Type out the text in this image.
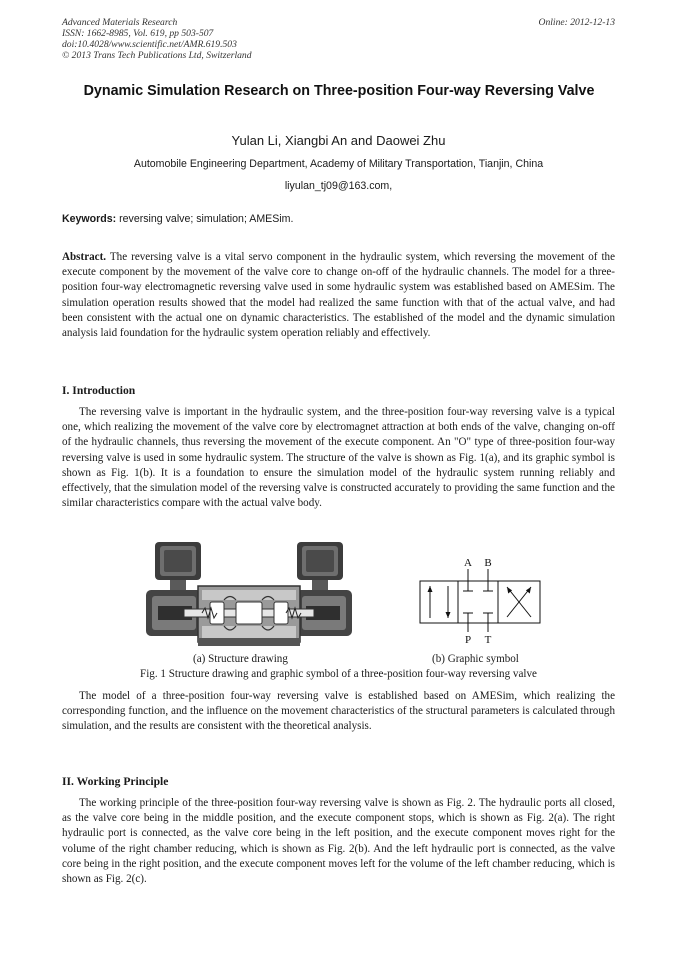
Advanced Materials Research
ISSN: 1662-8985, Vol. 619, pp 503-507
doi:10.4028/www.scientific.net/AMR.619.503
© 2013 Trans Tech Publications Ltd, Switzerland
Online: 2012-12-13
Dynamic Simulation Research on Three-position Four-way Reversing Valve
Yulan Li, Xiangbi An and Daowei Zhu
Automobile Engineering Department, Academy of Military Transportation, Tianjin, China
liyulan_tj09@163.com,
Keywords: reversing valve; simulation; AMESim.
Abstract. The reversing valve is a vital servo component in the hydraulic system, which reversing the movement of the execute component by the movement of the valve core to change on-off of the hydraulic channels. The model for a three-position four-way electromagnetic reversing valve used in some hydraulic system was established based on AMESim. The simulation operation results showed that the model had realized the same function with that of the actual valve, and had been consistent with the actual one on dynamic characteristics. The established of the model and the dynamic simulation analysis laid foundation for the hydraulic system operation reliably and effectively.
I. Introduction
The reversing valve is important in the hydraulic system, and the three-position four-way reversing valve is a typical one, which realizing the movement of the valve core by electromagnet attraction at both ends of the valve, changing on-off of the hydraulic channels, thus reversing the movement of the execute component. An "O" type of three-position four-way reversing valve is used in some hydraulic system. The structure of the valve is shown as Fig. 1(a), and its graphic symbol is shown as Fig. 1(b). It is a foundation to ensure the simulation model of the hydraulic system running reliably and effectively, that the simulation model of the reversing valve is constructed accurately to providing the same function and the similar characteristics compare with the actual valve body.
A B
P T
(a) Structure drawing	(b) Graphic symbol
Fig. 1 Structure drawing and graphic symbol of a three-position four-way reversing valve
The model of a three-position four-way reversing valve is established based on AMESim, which realizing the corresponding function, and the influence on the movement characteristics of the structural parameters is calculated through simulation, and the results are consistent with the theoretical analysis.
II. Working Principle
The working principle of the three-position four-way reversing valve is shown as Fig. 2. The hydraulic ports all closed, as the valve core being in the middle position, and the execute component stops, which is shown as Fig. 2(a). The right hydraulic port is connected, as the valve core being in the left position, and the execute component moves right for the volume of the right chamber reducing, which is shown as Fig. 2(b). And the left hydraulic port is connected, as the valve core being in the right position, and the execute component moves left for the volume of the left chamber reducing, which is shown as Fig. 2(c).
